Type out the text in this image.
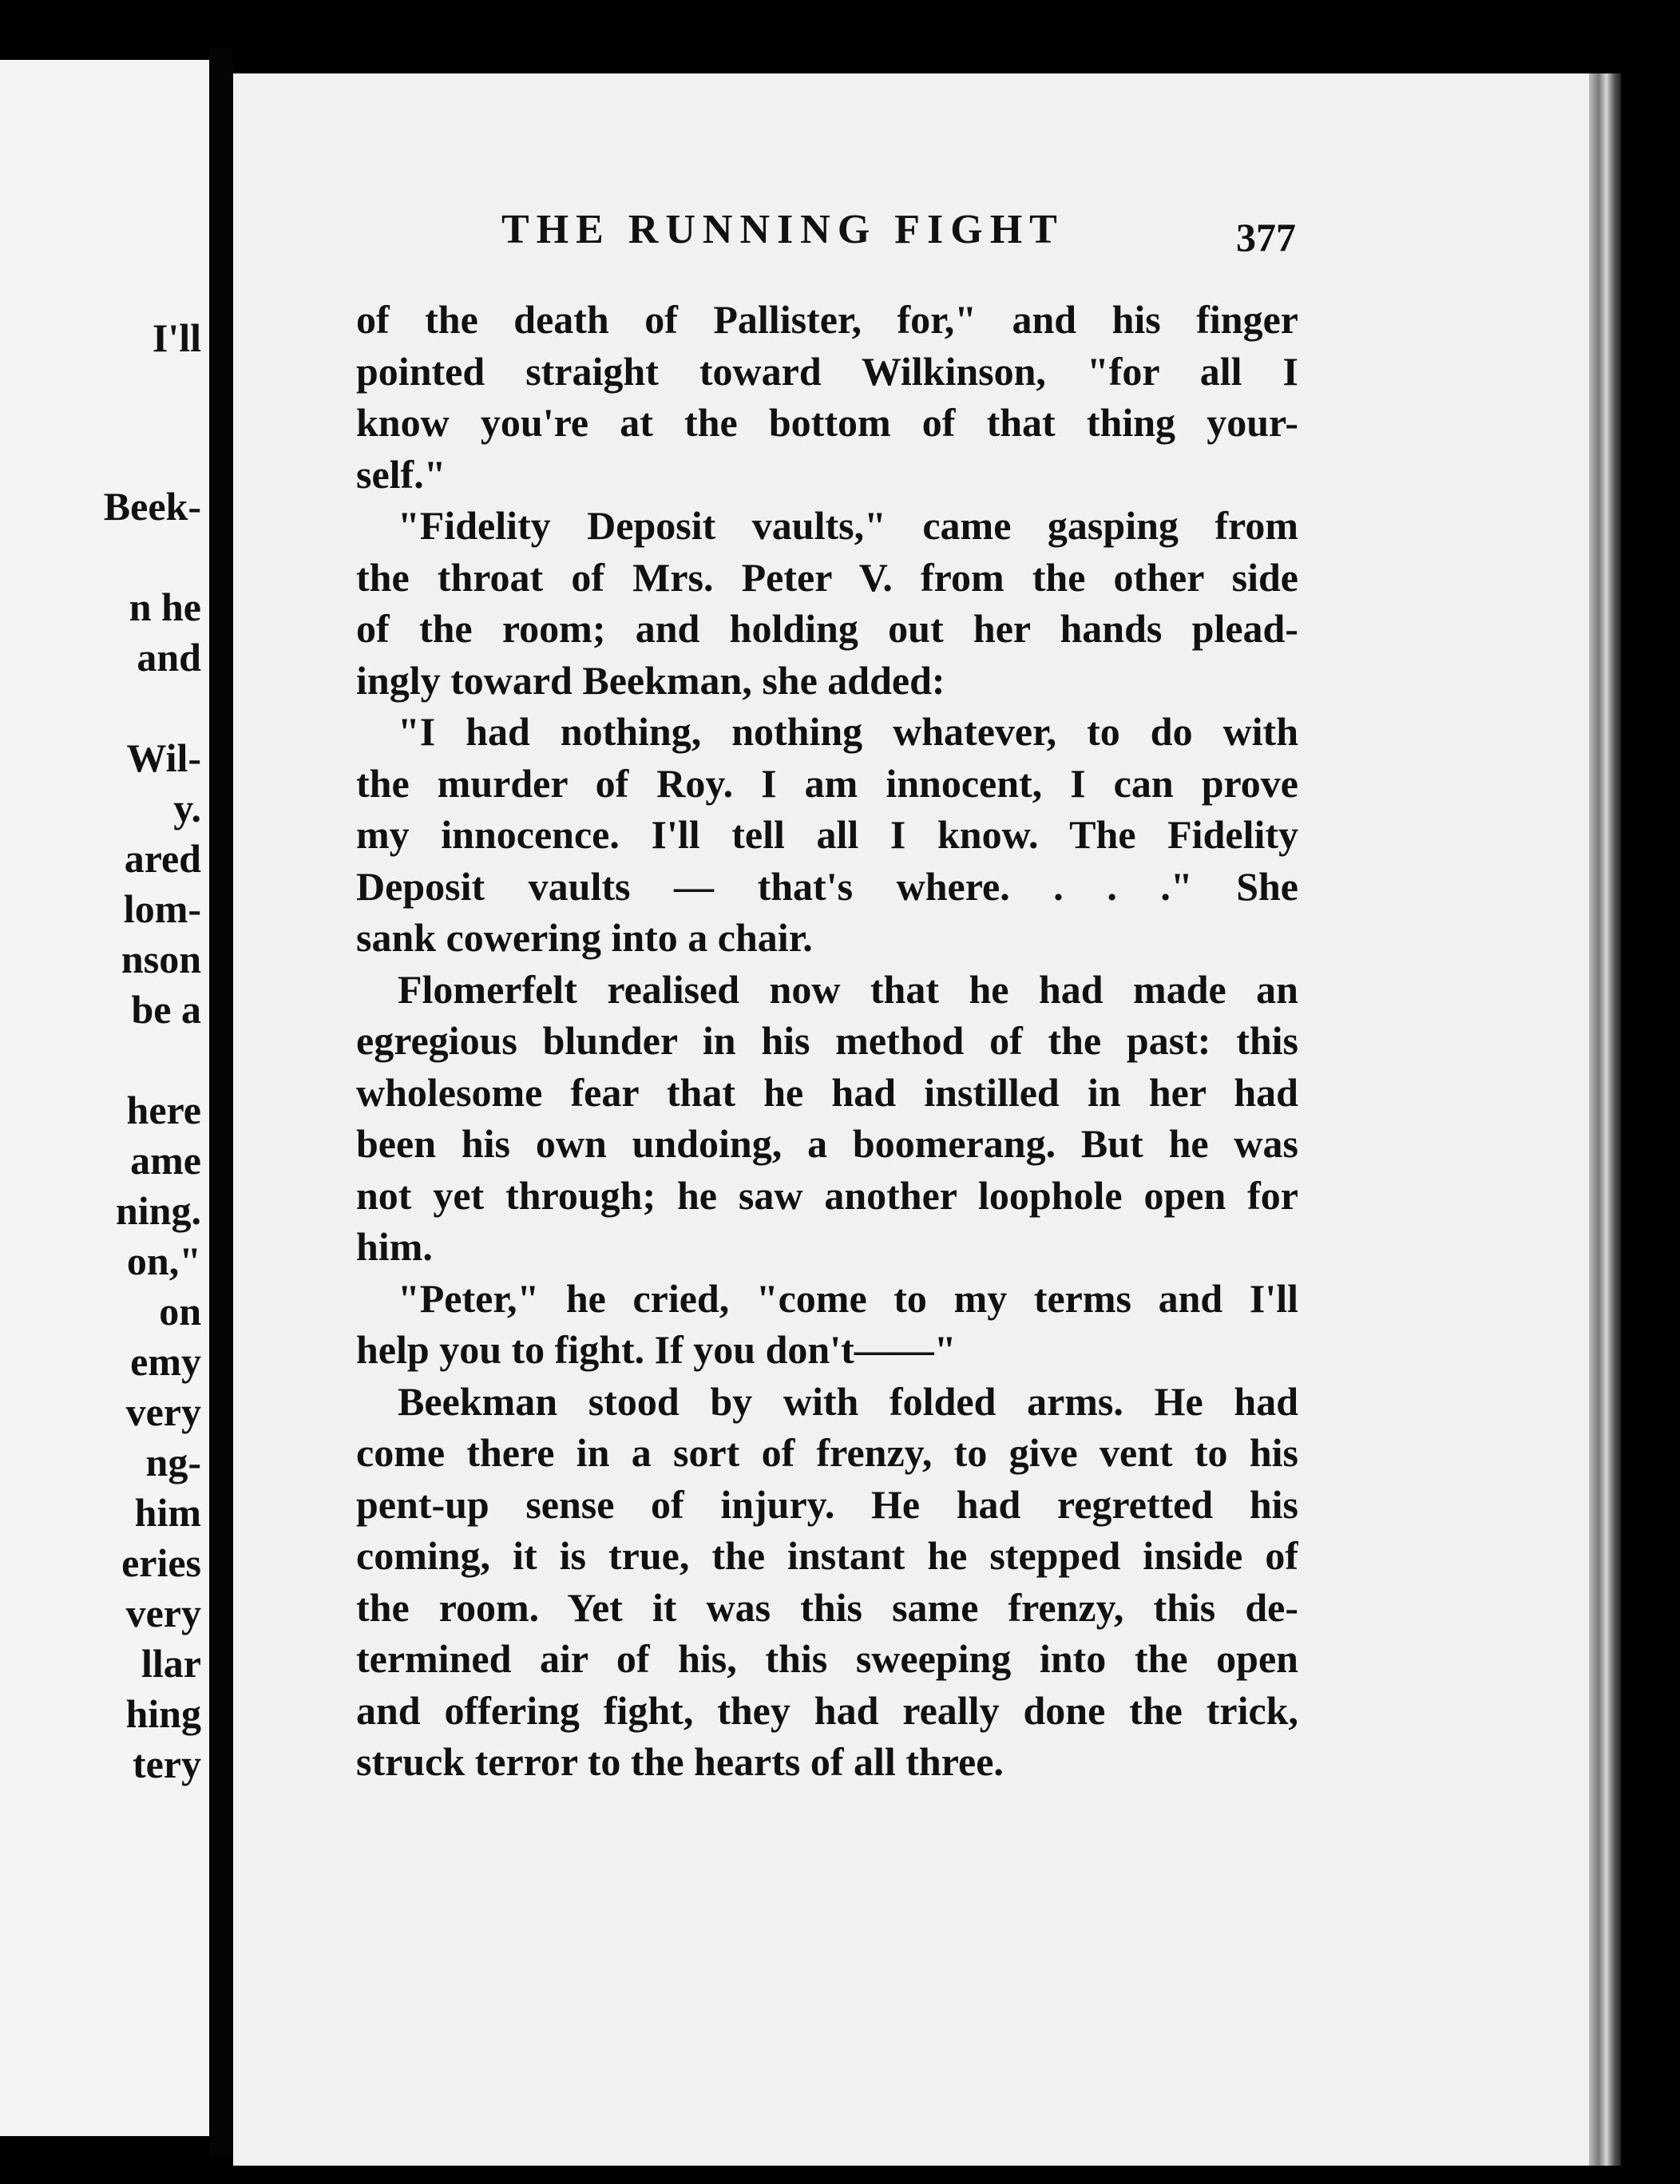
I'll
Beek-
n he
and
Wil-
y.
ared
lom-
nson
be a
here
ame
ning.
on,"
on
emy
very
ng-
him
eries
very
llar
hing
tery
THE RUNNING FIGHT	377
of the death of Pallister, for," and his finger
pointed straight toward Wilkinson, "for all I
know you're at the bottom of that thing your-
self."
"Fidelity Deposit vaults," came gasping from
the throat of Mrs. Peter V. from the other side
of the room; and holding out her hands plead-
ingly toward Beekman, she added:
"I had nothing, nothing whatever, to do with
the murder of Roy. I am innocent, I can prove
my innocence. I'll tell all I know. The Fidelity
Deposit vaults — that's where. . . ." She
sank cowering into a chair.
Flomerfelt realised now that he had made an
egregious blunder in his method of the past: this
wholesome fear that he had instilled in her had
been his own undoing, a boomerang. But he was
not yet through; he saw another loophole open for
him.
"Peter," he cried, "come to my terms and I'll
help you to fight. If you don't——"
Beekman stood by with folded arms. He had
come there in a sort of frenzy, to give vent to his
pent-up sense of injury. He had regretted his
coming, it is true, the instant he stepped inside of
the room. Yet it was this same frenzy, this de-
termined air of his, this sweeping into the open
and offering fight, they had really done the trick,
struck terror to the hearts of all three.
